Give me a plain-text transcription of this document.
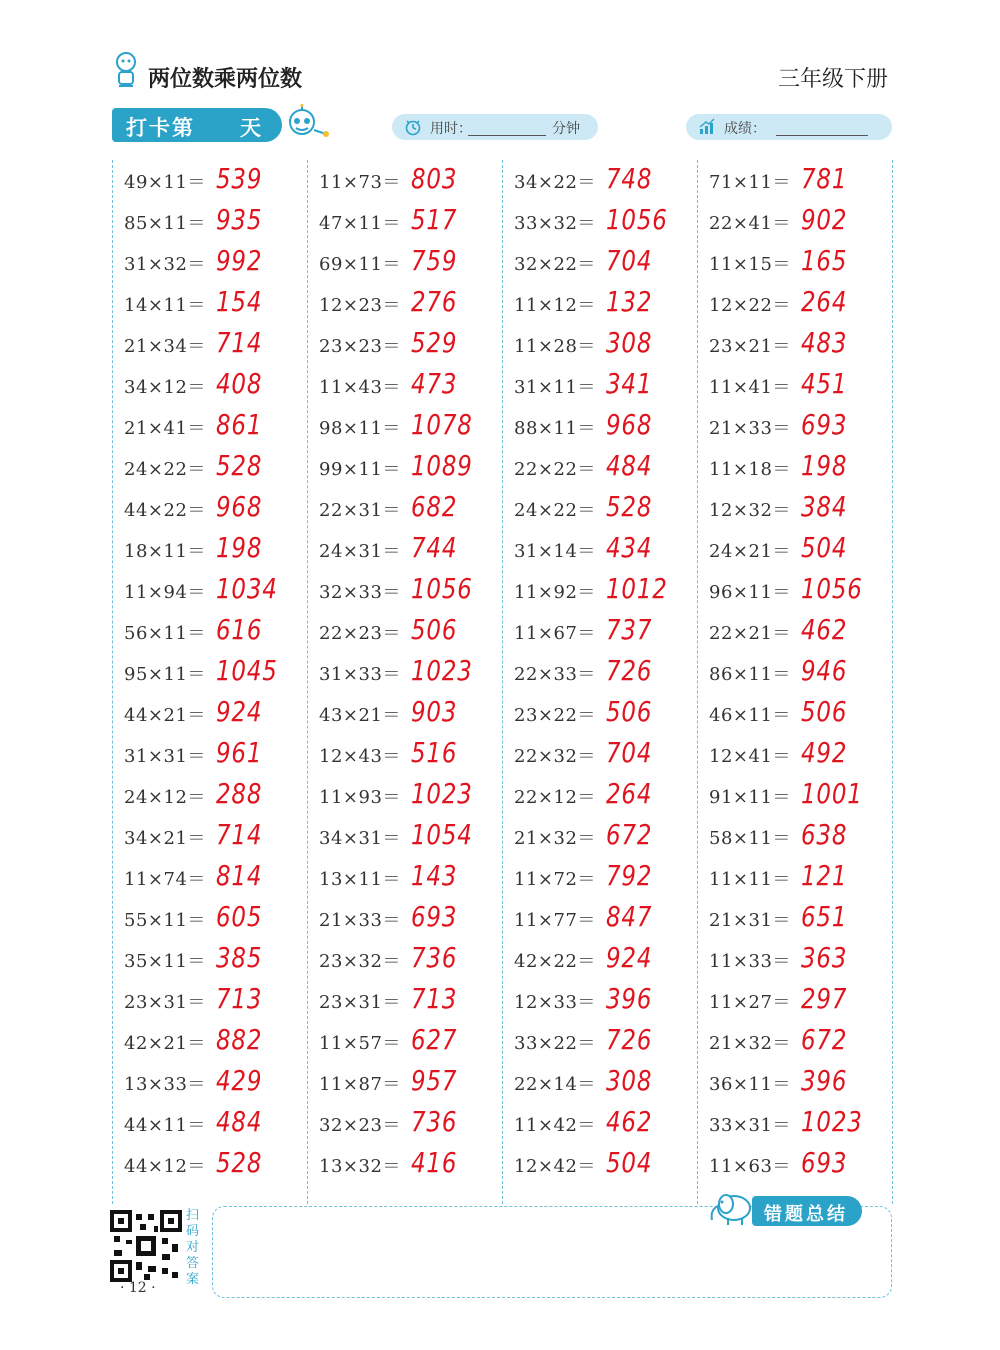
两位数乘两位数	三年级下册
打卡第 天	用时：	分钟	成绩：
49×11＝ 539
85×11＝ 935
31×32＝ 992
14×11＝ 154
21×34＝ 714
34×12＝ 408
21×41＝ 861
24×22＝ 528
44×22＝ 968
18×11＝ 198
11×94＝ 1034
56×11＝ 616
95×11＝ 1045
44×21＝ 924
31×31＝ 961
24×12＝ 288
34×21＝ 714
11×74＝ 814
55×11＝ 605
35×11＝ 385
23×31＝ 713
42×21＝ 882
13×33＝ 429
44×11＝ 484
44×12＝ 528
11×73＝ 803
47×11＝ 517
69×11＝ 759
12×23＝ 276
23×23＝ 529
11×43＝ 473
98×11＝ 1078
99×11＝ 1089
22×31＝ 682
24×31＝ 744
32×33＝ 1056
22×23＝ 506
31×33＝ 1023
43×21＝ 903
12×43＝ 516
11×93＝ 1023
34×31＝ 1054
13×11＝ 143
21×33＝ 693
23×32＝ 736
23×31＝ 713
11×57＝ 627
11×87＝ 957
32×23＝ 736
13×32＝ 416
34×22＝ 748
33×32＝ 1056
32×22＝ 704
11×12＝ 132
11×28＝ 308
31×11＝ 341
88×11＝ 968
22×22＝ 484
24×22＝ 528
31×14＝ 434
11×92＝ 1012
11×67＝ 737
22×33＝ 726
23×22＝ 506
22×32＝ 704
22×12＝ 264
21×32＝ 672
11×72＝ 792
11×77＝ 847
42×22＝ 924
12×33＝ 396
33×22＝ 726
22×14＝ 308
11×42＝ 462
12×42＝ 504
71×11＝ 781
22×41＝ 902
11×15＝ 165
12×22＝ 264
23×21＝ 483
11×41＝ 451
21×33＝ 693
11×18＝ 198
12×32＝ 384
24×21＝ 504
96×11＝ 1056
22×21＝ 462
86×11＝ 946
46×11＝ 506
12×41＝ 492
91×11＝ 1001
58×11＝ 638
11×11＝ 121
21×31＝ 651
11×33＝ 363
11×27＝ 297
21×32＝ 672
36×11＝ 396
33×31＝ 1023
11×63＝ 693
扫码对答案
· 12 ·
错题总结
